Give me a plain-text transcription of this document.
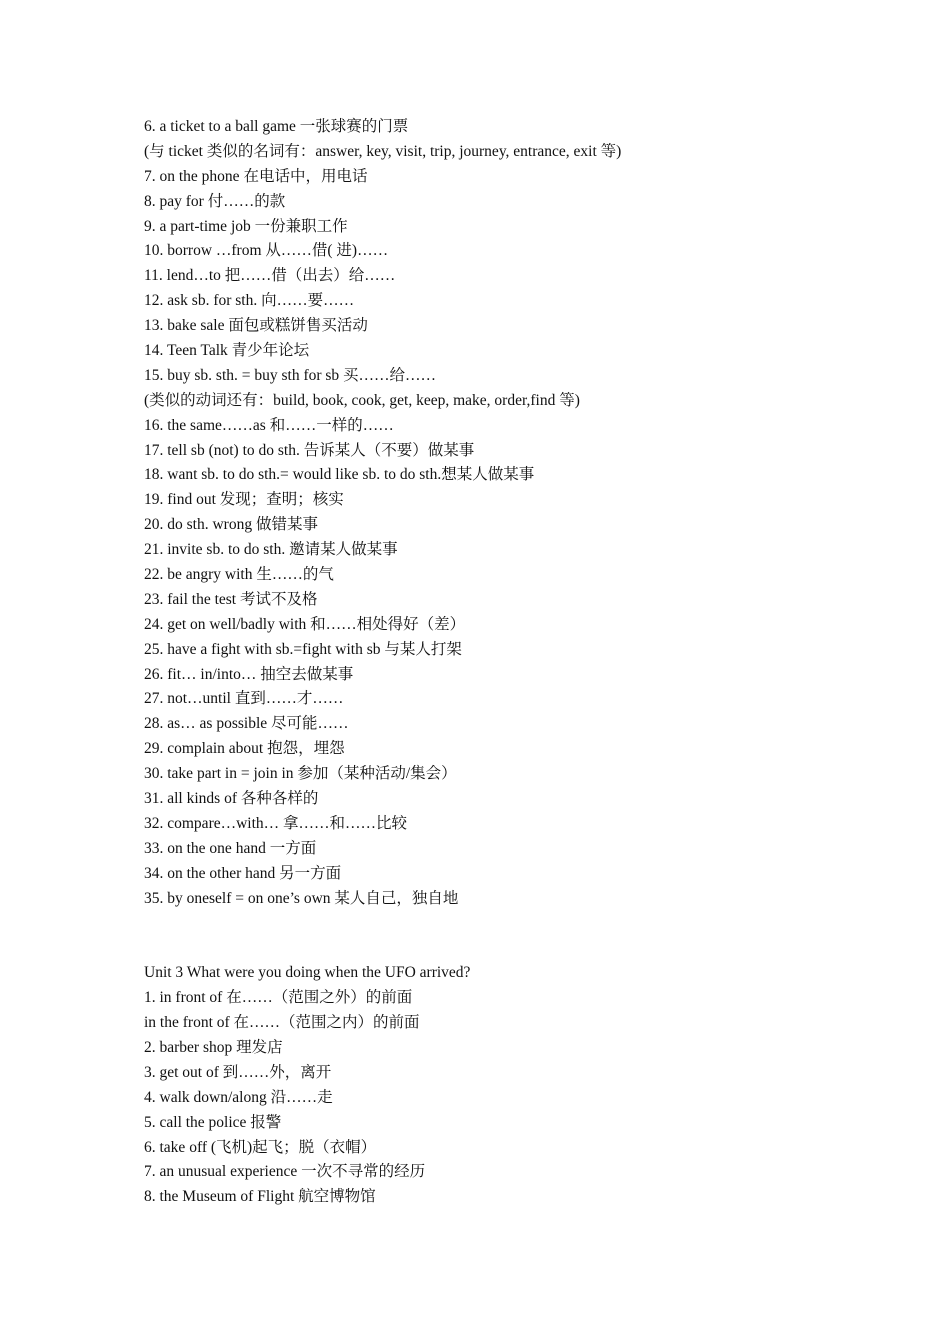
6. a ticket to a ball game 一张球赛的门票
(与 ticket 类似的名词有：answer, key, visit, trip, journey, entrance, exit 等)
7. on the phone 在电话中，用电话
8. pay for 付……的款
9. a part-time job 一份兼职工作
10. borrow …from 从……借( 进)……
11. lend…to 把……借（出去）给……
12. ask sb. for sth. 向……要……
13. bake sale 面包或糕饼售买活动
14. Teen Talk 青少年论坛
15. buy sb. sth. = buy sth for sb 买……给……
(类似的动词还有：build, book, cook, get, keep, make, order,find 等)
16. the same……as 和……一样的……
17. tell sb (not) to do sth. 告诉某人（不要）做某事
18. want sb. to do sth.= would like sb. to do sth.想某人做某事
19. find out 发现；查明；核实
20. do sth. wrong 做错某事
21. invite sb. to do sth. 邀请某人做某事
22. be angry with 生……的气
23. fail the test 考试不及格
24. get on well/badly with 和……相处得好（差）
25. have a fight with sb.=fight with sb 与某人打架
26. fit… in/into… 抽空去做某事
27. not…until 直到……才……
28. as… as possible 尽可能……
29. complain about 抱怨，埋怨
30. take part in = join in 参加（某种活动/集会）
31. all kinds of 各种各样的
32. compare…with… 拿……和……比较
33. on the one hand 一方面
34. on the other hand 另一方面
35. by oneself = on one’s own 某人自己，独自地
Unit 3 What were you doing when the UFO arrived?
1. in front of 在……（范围之外）的前面
in the front of 在……（范围之内）的前面
2. barber shop 理发店
3. get out of 到……外，离开
4. walk down/along 沿……走
5. call the police 报警
6. take off (飞机)起飞；脱（衣帽）
7. an unusual experience 一次不寻常的经历
8. the Museum of Flight 航空博物馆
